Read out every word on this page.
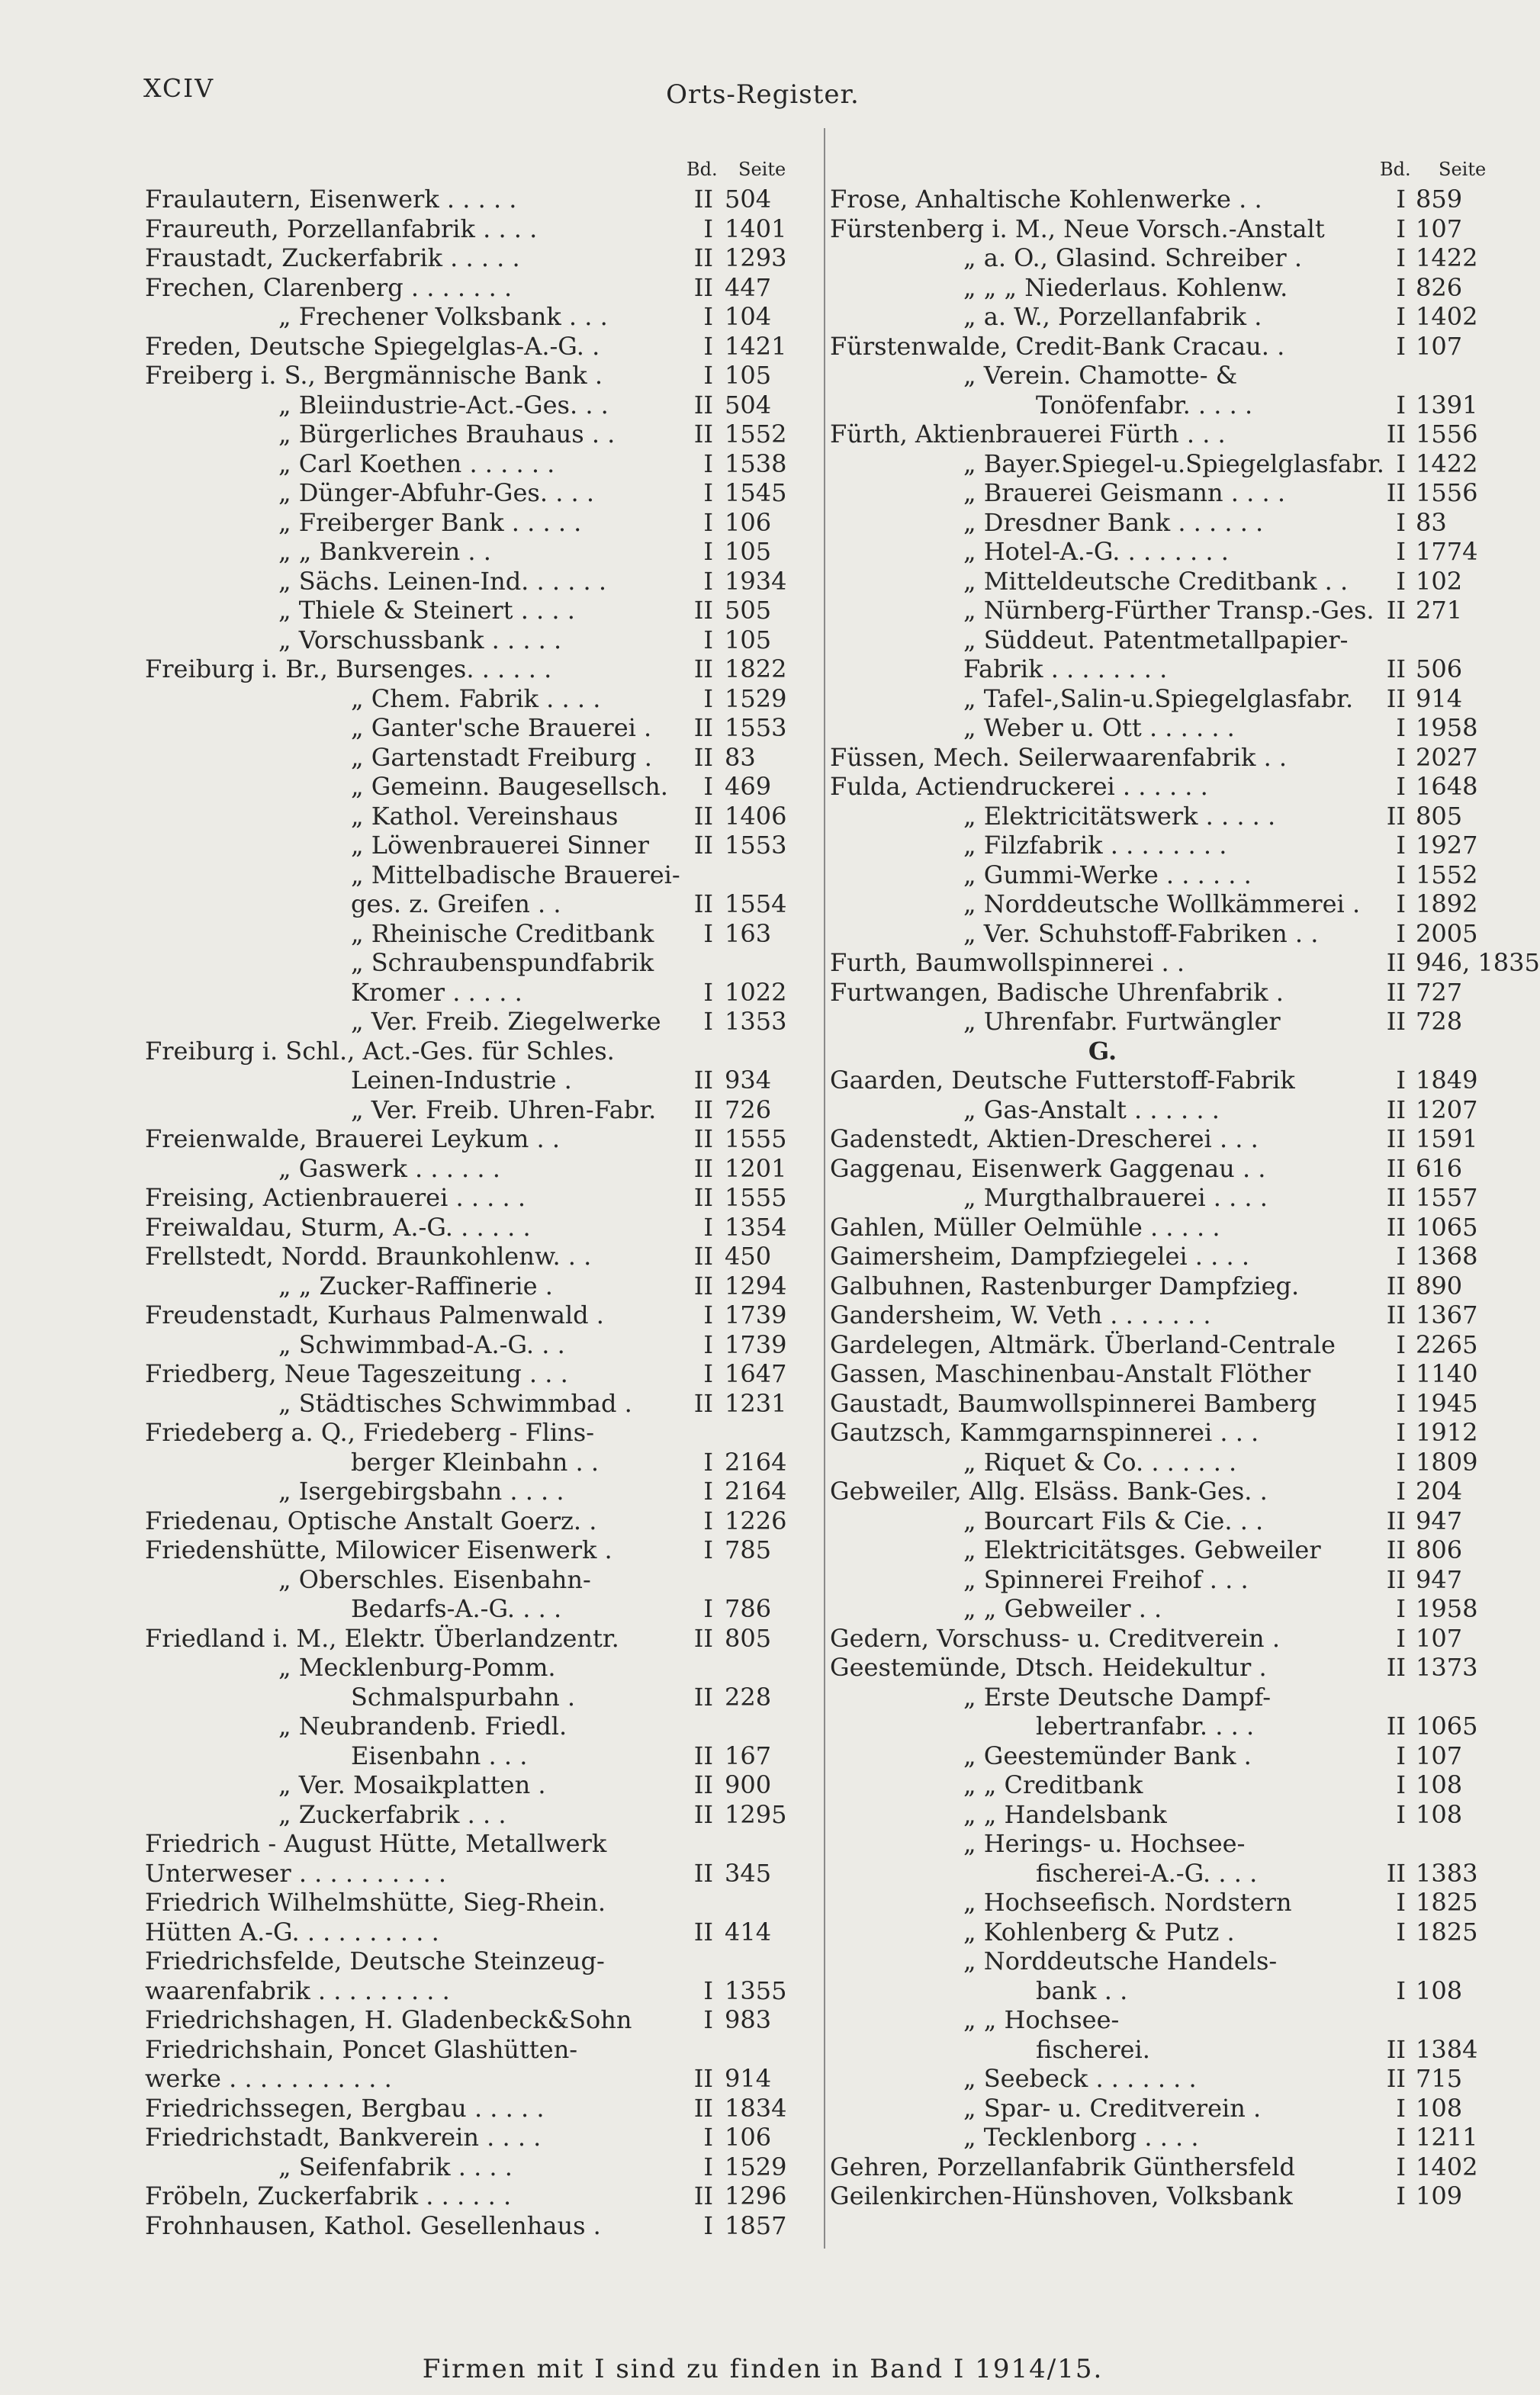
XCIV	Orts-Register.
Bd. Seite
Fraulautern, Eisenwerk . . . . .	II 504
Fraureuth, Porzellanfabrik . . . .	I 1401
Fraustadt, Zuckerfabrik . . . . .	II 1293
Frechen, Clarenberg . . . . . . .	II 447
„ Frechener Volksbank . . .	I 104
Freden, Deutsche Spiegelglas-A.-G. .	I 1421
Freiberg i. S., Bergmännische Bank .	I 105
„ Bleiindustrie-Act.-Ges. . .	II 504
„ Bürgerliches Brauhaus . .	II 1552
„ Carl Koethen . . . . . .	I 1538
„ Dünger-Abfuhr-Ges. . . .	I 1545
„ Freiberger Bank . . . . .	I 106
„ „ Bankverein . .	I 105
„ Sächs. Leinen-Ind. . . . . .	I 1934
„ Thiele & Steinert . . . .	II 505
„ Vorschussbank . . . . .	I 105
Freiburg i. Br., Bursenges. . . . . .	II 1822
„ Chem. Fabrik . . . .	I 1529
„ Ganter'sche Brauerei .	II 1553
„ Gartenstadt Freiburg .	II 83
„ Gemeinn. Baugesellsch.	I 469
„ Kathol. Vereinshaus	II 1406
„ Löwenbrauerei Sinner	II 1553
„ Mittelbadische Brauerei-
ges. z. Greifen . .	II 1554
„ Rheinische Creditbank	I 163
„ Schraubenspundfabrik
Kromer . . . . .	I 1022
„ Ver. Freib. Ziegelwerke	I 1353
Freiburg i. Schl., Act.-Ges. für Schles.
Leinen-Industrie .	II 934
„ Ver. Freib. Uhren-Fabr.	II 726
Freienwalde, Brauerei Leykum . .	II 1555
„ Gaswerk . . . . . .	II 1201
Freising, Actienbrauerei . . . . .	II 1555
Freiwaldau, Sturm, A.-G. . . . . .	I 1354
Frellstedt, Nordd. Braunkohlenw. . .	II 450
„ „ Zucker-Raffinerie .	II 1294
Freudenstadt, Kurhaus Palmenwald .	I 1739
„ Schwimmbad-A.-G. . .	I 1739
Friedberg, Neue Tageszeitung . . .	I 1647
„ Städtisches Schwimmbad .	II 1231
Friedeberg a. Q., Friedeberg - Flins-
berger Kleinbahn . .	I 2164
„ Isergebirgsbahn . . . .	I 2164
Friedenau, Optische Anstalt Goerz. .	I 1226
Friedenshütte, Milowicer Eisenwerk .	I 785
„ Oberschles. Eisenbahn-
Bedarfs-A.-G. . . .	I 786
Friedland i. M., Elektr. Überlandzentr.	II 805
„ Mecklenburg-Pomm.
Schmalspurbahn .	II 228
„ Neubrandenb. Friedl.
Eisenbahn . . .	II 167
„ Ver. Mosaikplatten .	II 900
„ Zuckerfabrik . . .	II 1295
Friedrich - August Hütte, Metallwerk
Unterweser . . . . . . . . . .	II 345
Friedrich Wilhelmshütte, Sieg-Rhein.
Hütten A.-G. . . . . . . . . .	II 414
Friedrichsfelde, Deutsche Steinzeug-
waarenfabrik . . . . . . . . .	I 1355
Friedrichshagen, H. Gladenbeck&Sohn	I 983
Friedrichshain, Poncet Glashütten-
werke . . . . . . . . . . .	II 914
Friedrichssegen, Bergbau . . . . .	II 1834
Friedrichstadt, Bankverein . . . .	I 106
„ Seifenfabrik . . . .	I 1529
Fröbeln, Zuckerfabrik . . . . . .	II 1296
Frohnhausen, Kathol. Gesellenhaus .	I 1857
Bd. Seite
Frose, Anhaltische Kohlenwerke . .	I 859
Fürstenberg i. M., Neue Vorsch.-Anstalt	I 107
„ a. O., Glasind. Schreiber .	I 1422
„ „ „ Niederlaus. Kohlenw.	I 826
„ a. W., Porzellanfabrik .	I 1402
Fürstenwalde, Credit-Bank Cracau. .	I 107
„ Verein. Chamotte- &
Tonöfenfabr. . . . .	I 1391
Fürth, Aktienbrauerei Fürth . . .	II 1556
„ Bayer.Spiegel-u.Spiegelglasfabr. I 1422
„ Brauerei Geismann . . . .	II 1556
„ Dresdner Bank . . . . . .	I 83
„ Hotel-A.-G. . . . . . . .	I 1774
„ Mitteldeutsche Creditbank . .	I 102
„ Nürnberg-Fürther Transp.-Ges. II 271
„ Süddeut. Patentmetallpapier-
Fabrik . . . . . . . .	II 506
„ Tafel-,Salin-u.Spiegelglasfabr.	II 914
„ Weber u. Ott . . . . . .	I 1958
Füssen, Mech. Seilerwaarenfabrik . .	I 2027
Fulda, Actiendruckerei . . . . . .	I 1648
„ Elektricitätswerk . . . . .	II 805
„ Filzfabrik . . . . . . . .	I 1927
„ Gummi-Werke . . . . . .	I 1552
„ Norddeutsche Wollkämmerei .	I 1892
„ Ver. Schuhstoff-Fabriken . .	I 2005
Furth, Baumwollspinnerei . .	II 946, 1835
Furtwangen, Badische Uhrenfabrik .	II 727
„ Uhrenfabr. Furtwängler	II 728
G.
Gaarden, Deutsche Futterstoff-Fabrik	I 1849
„ Gas-Anstalt . . . . . .	II 1207
Gadenstedt, Aktien-Drescherei . . .	II 1591
Gaggenau, Eisenwerk Gaggenau . .	II 616
„ Murgthalbrauerei . . . .	II 1557
Gahlen, Müller Oelmühle . . . . .	II 1065
Gaimersheim, Dampfziegelei . . . .	I 1368
Galbuhnen, Rastenburger Dampfzieg.	II 890
Gandersheim, W. Veth . . . . . . .	II 1367
Gardelegen, Altmärk. Überland-Centrale	I 2265
Gassen, Maschinenbau-Anstalt Flöther	I 1140
Gaustadt, Baumwollspinnerei Bamberg	I 1945
Gautzsch, Kammgarnspinnerei . . .	I 1912
„ Riquet & Co. . . . . . .	I 1809
Gebweiler, Allg. Elsäss. Bank-Ges. .	I 204
„ Bourcart Fils & Cie. . .	II 947
„ Elektricitätsges. Gebweiler	II 806
„ Spinnerei Freihof . . .	II 947
„ „ Gebweiler . .	I 1958
Gedern, Vorschuss- u. Creditverein .	I 107
Geestemünde, Dtsch. Heidekultur .	II 1373
„ Erste Deutsche Dampf-
lebertranfabr. . . .	II 1065
„ Geestemünder Bank .	I 107
„ „ Creditbank	I 108
„ „ Handelsbank	I 108
„ Herings- u. Hochsee-
fischerei-A.-G. . . .	II 1383
„ Hochseefisch. Nordstern	I 1825
„ Kohlenberg & Putz .	I 1825
„ Norddeutsche Handels-
bank . .	I 108
„ „ Hochsee-
fischerei.	II 1384
„ Seebeck . . . . . . .	II 715
„ Spar- u. Creditverein .	I 108
„ Tecklenborg . . . .	I 1211
Gehren, Porzellanfabrik Günthersfeld	I 1402
Geilenkirchen-Hünshoven, Volksbank	I 109
Firmen mit I sind zu finden in Band I 1914/15.
